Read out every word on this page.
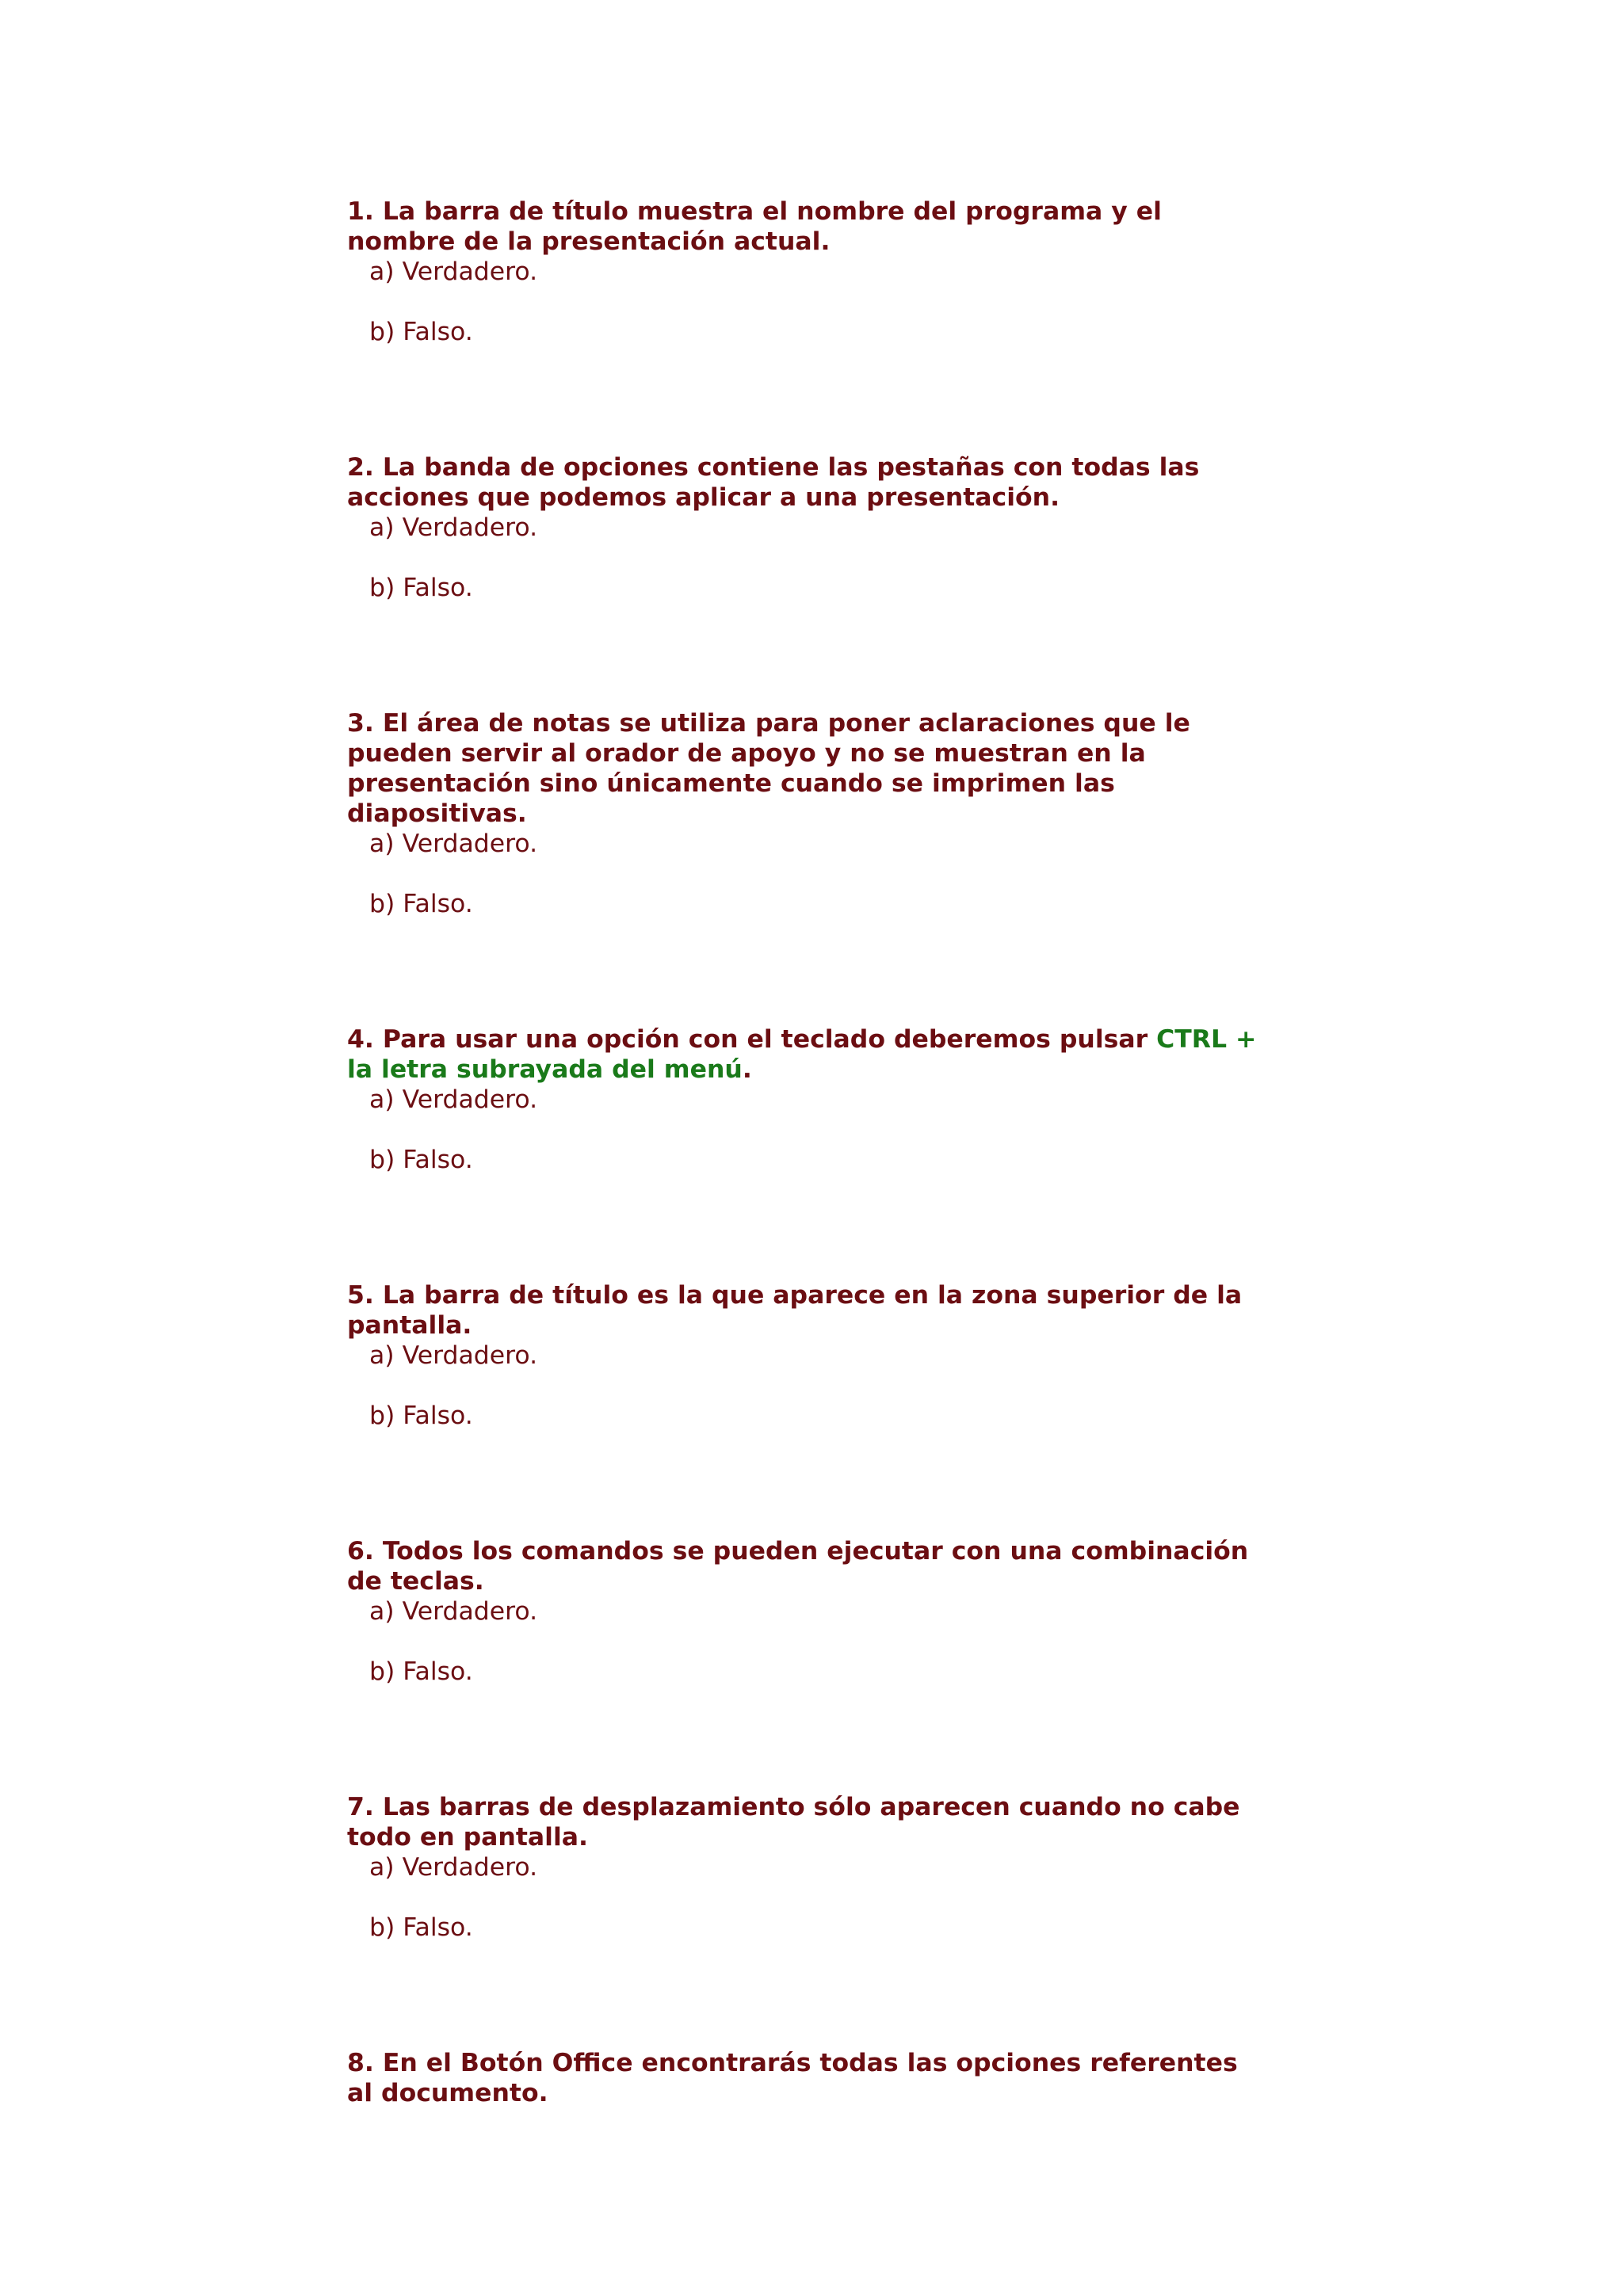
1. La barra de título muestra el nombre del programa y el nombre de la presentación actual.

a) Verdadero.

b) Falso.

2. La banda de opciones contiene las pestañas con todas las acciones que podemos aplicar a una presentación.

a) Verdadero.

b) Falso.

3. El área de notas se utiliza para poner aclaraciones que le pueden servir al orador de apoyo y no se muestran en la presentación sino únicamente cuando se imprimen las diapositivas.

a) Verdadero.

b) Falso.

4. Para usar una opción con el teclado deberemos pulsar CTRL + la letra subrayada del menú.

a) Verdadero.

b) Falso.

5. La barra de título es la que aparece en la zona superior de la pantalla.

a) Verdadero.

b) Falso.

6. Todos los comandos se pueden ejecutar con una combinación de teclas.

a) Verdadero.

b) Falso.

7. Las barras de desplazamiento sólo aparecen cuando no cabe todo en pantalla.

a) Verdadero.

b) Falso.

8. En el Botón Office encontrarás todas las opciones referentes al documento.
